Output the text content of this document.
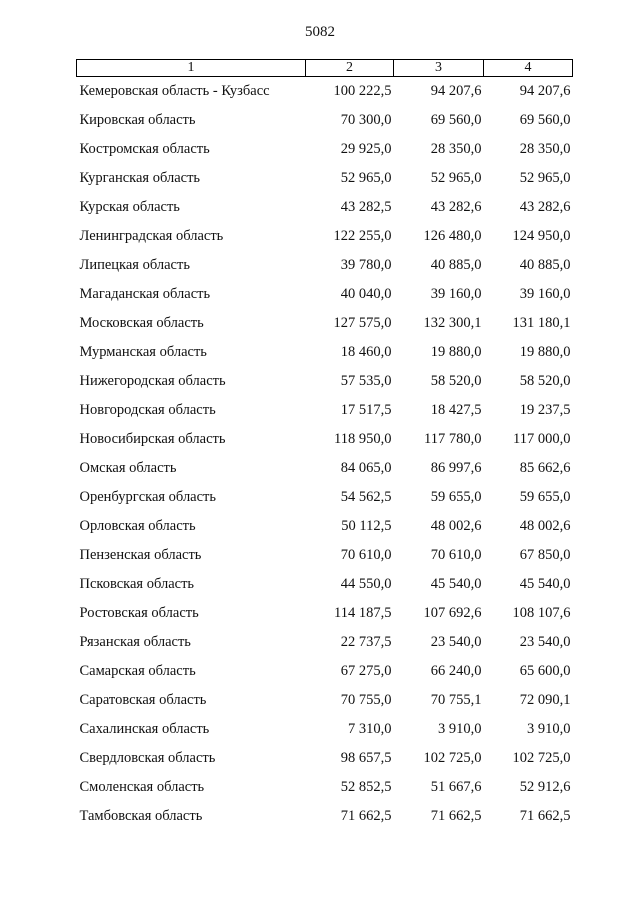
5082
1	2	3	4
Кемеровская область - Кузбасс	100 222,5	94 207,6	94 207,6
Кировская область	70 300,0	69 560,0	69 560,0
Костромская область	29 925,0	28 350,0	28 350,0
Курганская область	52 965,0	52 965,0	52 965,0
Курская область	43 282,5	43 282,6	43 282,6
Ленинградская область	122 255,0	126 480,0	124 950,0
Липецкая область	39 780,0	40 885,0	40 885,0
Магаданская область	40 040,0	39 160,0	39 160,0
Московская область	127 575,0	132 300,1	131 180,1
Мурманская область	18 460,0	19 880,0	19 880,0
Нижегородская область	57 535,0	58 520,0	58 520,0
Новгородская область	17 517,5	18 427,5	19 237,5
Новосибирская область	118 950,0	117 780,0	117 000,0
Омская область	84 065,0	86 997,6	85 662,6
Оренбургская область	54 562,5	59 655,0	59 655,0
Орловская область	50 112,5	48 002,6	48 002,6
Пензенская область	70 610,0	70 610,0	67 850,0
Псковская область	44 550,0	45 540,0	45 540,0
Ростовская область	114 187,5	107 692,6	108 107,6
Рязанская область	22 737,5	23 540,0	23 540,0
Самарская область	67 275,0	66 240,0	65 600,0
Саратовская область	70 755,0	70 755,1	72 090,1
Сахалинская область	7 310,0	3 910,0	3 910,0
Свердловская область	98 657,5	102 725,0	102 725,0
Смоленская область	52 852,5	51 667,6	52 912,6
Тамбовская область	71 662,5	71 662,5	71 662,5
